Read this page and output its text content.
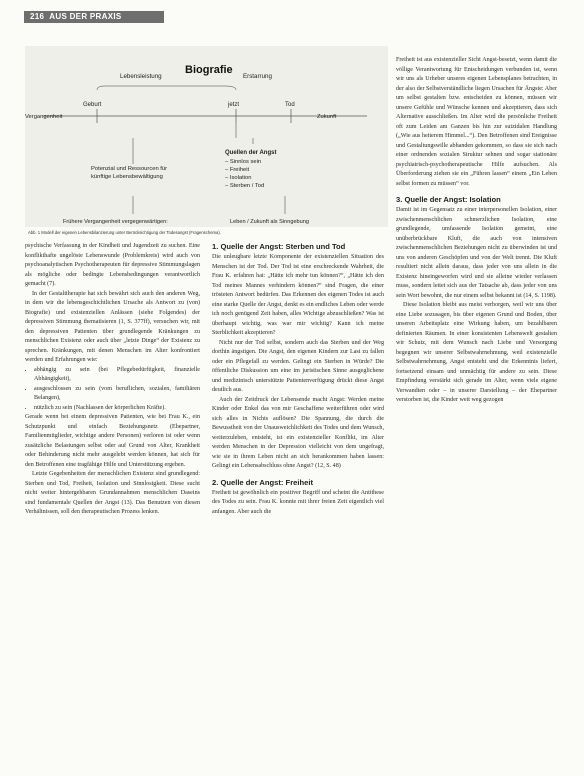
216 AUS DER PRAXIS
Lebensleistung	Erstarrung
Geburt	jetzt	Tod
Vergangenheit	Zukunft
Potenzial und Ressourcen für
künftige Lebensbewältigung
Quellen der Angst
– Sinnlos sein
– Freiheit
– Isolation
– Sterben / Tod
Frühere Vergangenheit vergegenwärtigen:	Leben / Zukunft als Sinngebung
Biografie
Abb. 1 Modell der eigenen Lebensbilanzierung unter Berücksichtigung der Todesangst (Fragenschema).

psychische Verfassung in der Kindheit und Jugendzeit zu suchen. Eine konflikthafte ungelöste Lebenswunde (Problemkreis) wird auch von psychoanalytischen Psychotherapeuten für depressive Stimmungslagen als mögliche oder bedingte Lebensbedingungen verantwortlich gemacht (7).

In der Gestalttherapie hat sich bewährt sich auch den anderen Weg, in dem wir die lebensgeschichtlichen Ursache als Antwort zu (von) Biografie) und existenziellen Anlässen (siehe Folgendes) der depressiven Stimmung thematisieren (1, S. 377ff), versuchen wir, mit den depressiven Patienten über grundlegende Kränkungen zu menschlichen Existenz oder auch über „letzte Dinge“ der Existenz zu sprechen. Kränkungen, mit denen Menschen im Alter konfrontiert werden und Erfahrungen wie:

• abhängig zu sein (bei Pflegebedürftigkeit, finanzielle Abhängigkeit),
• ausgeschlossen zu sein (vom beruflichen, sozialen, familiären Belangen),
• nützlich zu sein (Nachlassen der körperlichen Kräfte).

Gerade wenn bei einem depressiven Patienten, wie bei Frau K., ein Schutzpunkt und einfach Beziehungsnetz (Ehepartner, Familienmitglieder, wichtige andere Personen) verloren ist oder wenn zusätzliche Belastungen selbst oder auf Grund von Alter, Krankheit oder Behinderung nicht mehr ausgelebt werden können, hat sich für den Betroffenen eine tragfähige Hilfe und Unterstützung ergeben.

Letzte Gegebenheiten der menschlichen Existenz sind grundlegend: Sterben und Tod, Freiheit, Isolation und Sinnlosigkeit. Diese sucht nicht weiter hintergehbaren Grundannahmen menschlichen Daseins sind fundamentale Quellen der Angst (13). Das Benutzen von diesen Verhältnissen, soll den therapeutischen Prozess lenken.

1. Quelle der Angst: Sterben und Tod

Die unleugbare letzte Komponente der existenziellen Situation des Menschen ist der Tod. Der Tod ist eine erschreckende Wahrheit, die Frau K. erfahren hat: „Hätte ich mehr tun können?“, „Hätte ich den Tod meines Mannes verhindern können?“ sind Fragen, die einer trösteten Antwort bedürfen. Das Erkennen des eigenen Todes ist auch eine starke Quelle der Angst, denkt es ein endliches Leben oder werde ich noch genügend Zeit haben, alles Wichtige abzuschließen? Was ist überhaupt wichtig, was war mir wichtig? Kann ich meine Sterblichkeit akzeptieren?

Nicht nur der Tod selbst, sondern auch das Sterben und der Weg dorthin ängstigen. Die Angst, den eigenen Kindern zur Last zu fallen oder ein Pflegefall zu werden. Gelingt ein Sterben in Würde? Die öffentliche Diskussion um eine im juristischen Sinne ausgeglichene und medizinisch unterstützte Patientenverfügung drückt diese Angst deutlich aus.

Auch der Zeitdruck der Lebensende macht Angst: Werden meine Kinder oder Enkel das von mir Geschaffene weiterführen oder wird sich alles in Nichts auflösen? Die Spannung, die durch die Bewusstheit von der Unausweichlichkeit des Todes und dem Wunsch, weiterzuleben, entsteht, ist ein existenzieller Konflikt, im Alter werden Menschen in der Depression vielleicht von dem ungefragt, wie sie in ihrem Leben nicht an sich herankommen haben lassen: Gelingt ein Lebensabschluss ohne Angst? (12, S. 48)

2. Quelle der Angst: Freiheit

Freiheit ist gewöhnlich ein positiver Begriff und scheint die Antithese des Todes zu sein. Frau K. konnte mit ihrer freien Zeit eigentlich viel anfangen. Aber auch die

Freiheit ist aus existenzieller Sicht Angst-besetzt, wenn damit die völlige Verantwortung für Entscheidungen verbunden ist, wenn wir uns als Urheber unseres eigenen Lebensplanes betrachten, in der also der Selbstverständliche liegen Ursachen für Ängste: Aber um selbst gestalten bzw. entscheiden zu können, müssen wir unsere Gefühle und Wünsche kennen und akzeptieren, dass sich Alternative ausschließen. Im Alter wird die persönliche Freiheit oft zum Leiden am Ganzen bis hin zur suizidalen Handlung („Wie aus heiterem Himmel...“). Den Betroffenen sind Ereignisse und Gestaltungswille abhanden gekommen, so dass sie sich nach einer ordnenden sozialen Struktur sehnen und sogar stationäre psychiatrisch-psychotherapeutische Hilfe aufsuchen. Als Überforderung ziehen sie ein „Führen lassen“ einem „Ein Leben selbst formen zu müssen“ vor.

3. Quelle der Angst: Isolation

Damit ist im Gegensatz zu einer interpersonellen Isolation, einer zwischenmenschlichen schmerzlichen Isolation, eine grundlegende, umfassende Isolation gemeint, eine unüberbrückbare Kluft, die auch von intensiven zwischenmenschlichen Beziehungen nicht zu überwinden ist und uns von anderen Geschöpfen und von der Welt trennt. Die Kluft resultiert nicht allein daraus, dass jeder von uns allein in die Existenz hineingeworfen wird und sie alleine wieder verlassen muss, sondern leitet sich aus der Tatsache ab, dass jeder von uns sein Wort bewohnt, die nur einem selbst bekannt ist (14, S. 1198).

Diese Isolation bleibt aus meist verborgen, weil wir uns über eine Liebe sozusagen, bis über eigenen Grund und Boden, über unseren Arbeitsplatz eine Wirkung haben, um bezahlbaren definierten Räumen. In einer konsistenten Lebenswelt gestalten wir Schutz, mit dem Wunsch nach Liebe und Versorgung begegnen wir unserer Selbstwahrnehmung, weil existenzielle Selbstwahrnehmung, Angst entsteht und die Erkenntnis liefert, fortsetzend einsam und unmächtig für andere zu sein. Diese Empfindung verstärkt sich gerade im Alter, wenn viele eigene Verwandten oder – in unserer Darstellung – der Ehepartner verstorben ist, die Kinder weit weg gezogen
